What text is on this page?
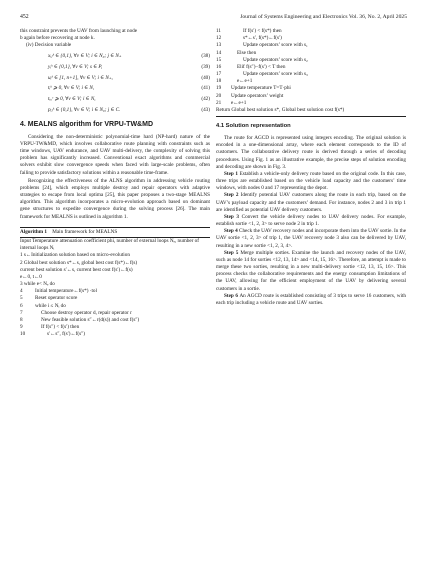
452	Journal of Systems Engineering and Electronics Vol. 36, No. 2, April 2025

this constraint prevents the UAV from launching at node

b again before recovering at node k.

(iv) Decision variable

xᵢⱼᵏ ∈ {0,1}, ∀v ∈ V; i ∈ N₀; j ∈ N₊	(38)
yᵢᵏ ∈ {0,1}, ∀v ∈ V; s ∈ P,	(39)
uᵢᵏ ∈ [1, n+1], ∀v ∈ V; i ∈ N₊,	(40)
tᵢᵏ ⩾ 0, ∀v ∈ V; i ∈ N,	(41)
tᵢᵤᶜ ⩾ 0, ∀v ∈ V; i ∈ N,	(42)
pᵢⱼᵏ ∈ {0,1}, ∀v ∈ V; i ∈ N₀; j ∈ C.	(43)
4. MEALNS algorithm for VRPU-TW&MD

Considering the non-deterministic polynomial-time hard (NP-hard) nature of the VRPU-TW&MD, which involves collaborative route planning with constraints such as time windows, UAV endurance, and UAV multi-delivery, the complexity of solving this problem has significantly increased. Conventional exact algorithms and commercial solvers exhibit slow convergence speeds when faced with large-scale problems, often failing to provide satisfactory solutions within a reasonable time-frame.

Recognizing the effectiveness of the ALNS algorithm in addressing vehicle routing problems [24], which employs multiple destroy and repair operators with adaptive strategies to escape from local optima [25], this paper proposes a two-stage MEALNS algorithm. This algorithm incorporates a micro-evolution approach based on dominant gene structures to expedite convergence during the solving process [26]. The main framework for MEALNS is outlined in algorithm 1.

Algorithm 1 Main framework for MEALNS
Input Temperature attenuation coefficient phi, number of external loops Nₑ, number of internal loops Nᵢ
1 s←Initialization solution based on micro-evolution
2 Global best solution s*←s, global best cost f(s*)←f(s)
current best solution s′←s, current best cost f(s′)←f(s)
e←0, t←0
3 while e< Nₑ do
4	Initial temperature←f(s*) ·tol
5	Reset operator score
6	while i ≤ Nᵢ do
7	Choose destroy operator d, repair operator r
8	New feasible solution s″←r(d(s)) and cost f(s″)
9	If f(s″) < f(s′) then
10	s′←s″, f(s′)←f(s″)
11	If f(s′) < f(s*) then
12	s*←s′, f(s*)←f(s′)
13	Update operators’ score with s₁
14	Else then
15	Update operators’ score with s₂
16	Elif f(s″)−f(s′) < T then
17	Update operators’ score with s₃
18	e←e+1
19	Update temperature T=T·phi
20	Update operators’ weight
21	e←e+1

Return Global best solution s*, Global best solution cost f(s*)

4.1 Solution representation

The route for AGCD is represented using integers encoding. The original solution is encoded in a one-dimensional array, where each element corresponds to the ID of customers. The collaborative delivery route is derived through a series of decoding procedures. Using Fig. 1 as an illustrative example, the precise steps of solution encoding and decoding are shown in Fig. 3.

Step 1 Establish a vehicle-only delivery route based on the original code. In this case, three trips are established based on the vehicle load capacity and the customers’ time windows, with nodes 0 and 17 representing the depot.

Step 2 Identify potential UAV customers along the route in each trip, based on the UAV’s payload capacity and the customers’ demand. For instance, nodes 2 and 3 in trip 1 are identified as potential UAV delivery customers.

Step 3 Convert the vehicle delivery nodes to UAV delivery nodes. For example, establish sortie <1, 2, 3> to serve node 2 in trip 1.

Step 4 Check the UAV recovery nodes and incorporate them into the UAV sortie. In the UAV sortie <1, 2, 3> of trip 1, the UAV recovery node 3 also can be delivered by UAV, resulting in a new sortie <1, 2, 3, 4>.

Step 5 Merge multiple sorties. Examine the launch and recovery nodes of the UAV, such as node 14 for sorties <12, 13, 14> and <14, 15, 16>. Therefore, an attempt is made to merge these two sorties, resulting in a new multi-delivery sortie <12, 13, 15, 16>. This process checks the collaborative requirements and the energy consumption limitations of the UAV, allowing for the efficient employment of the UAV by delivering several customers in a sortie.

Step 6 An AGCD route is established consisting of 3 trips to serve 16 customers, with each trip including a vehicle route and UAV sorties.
